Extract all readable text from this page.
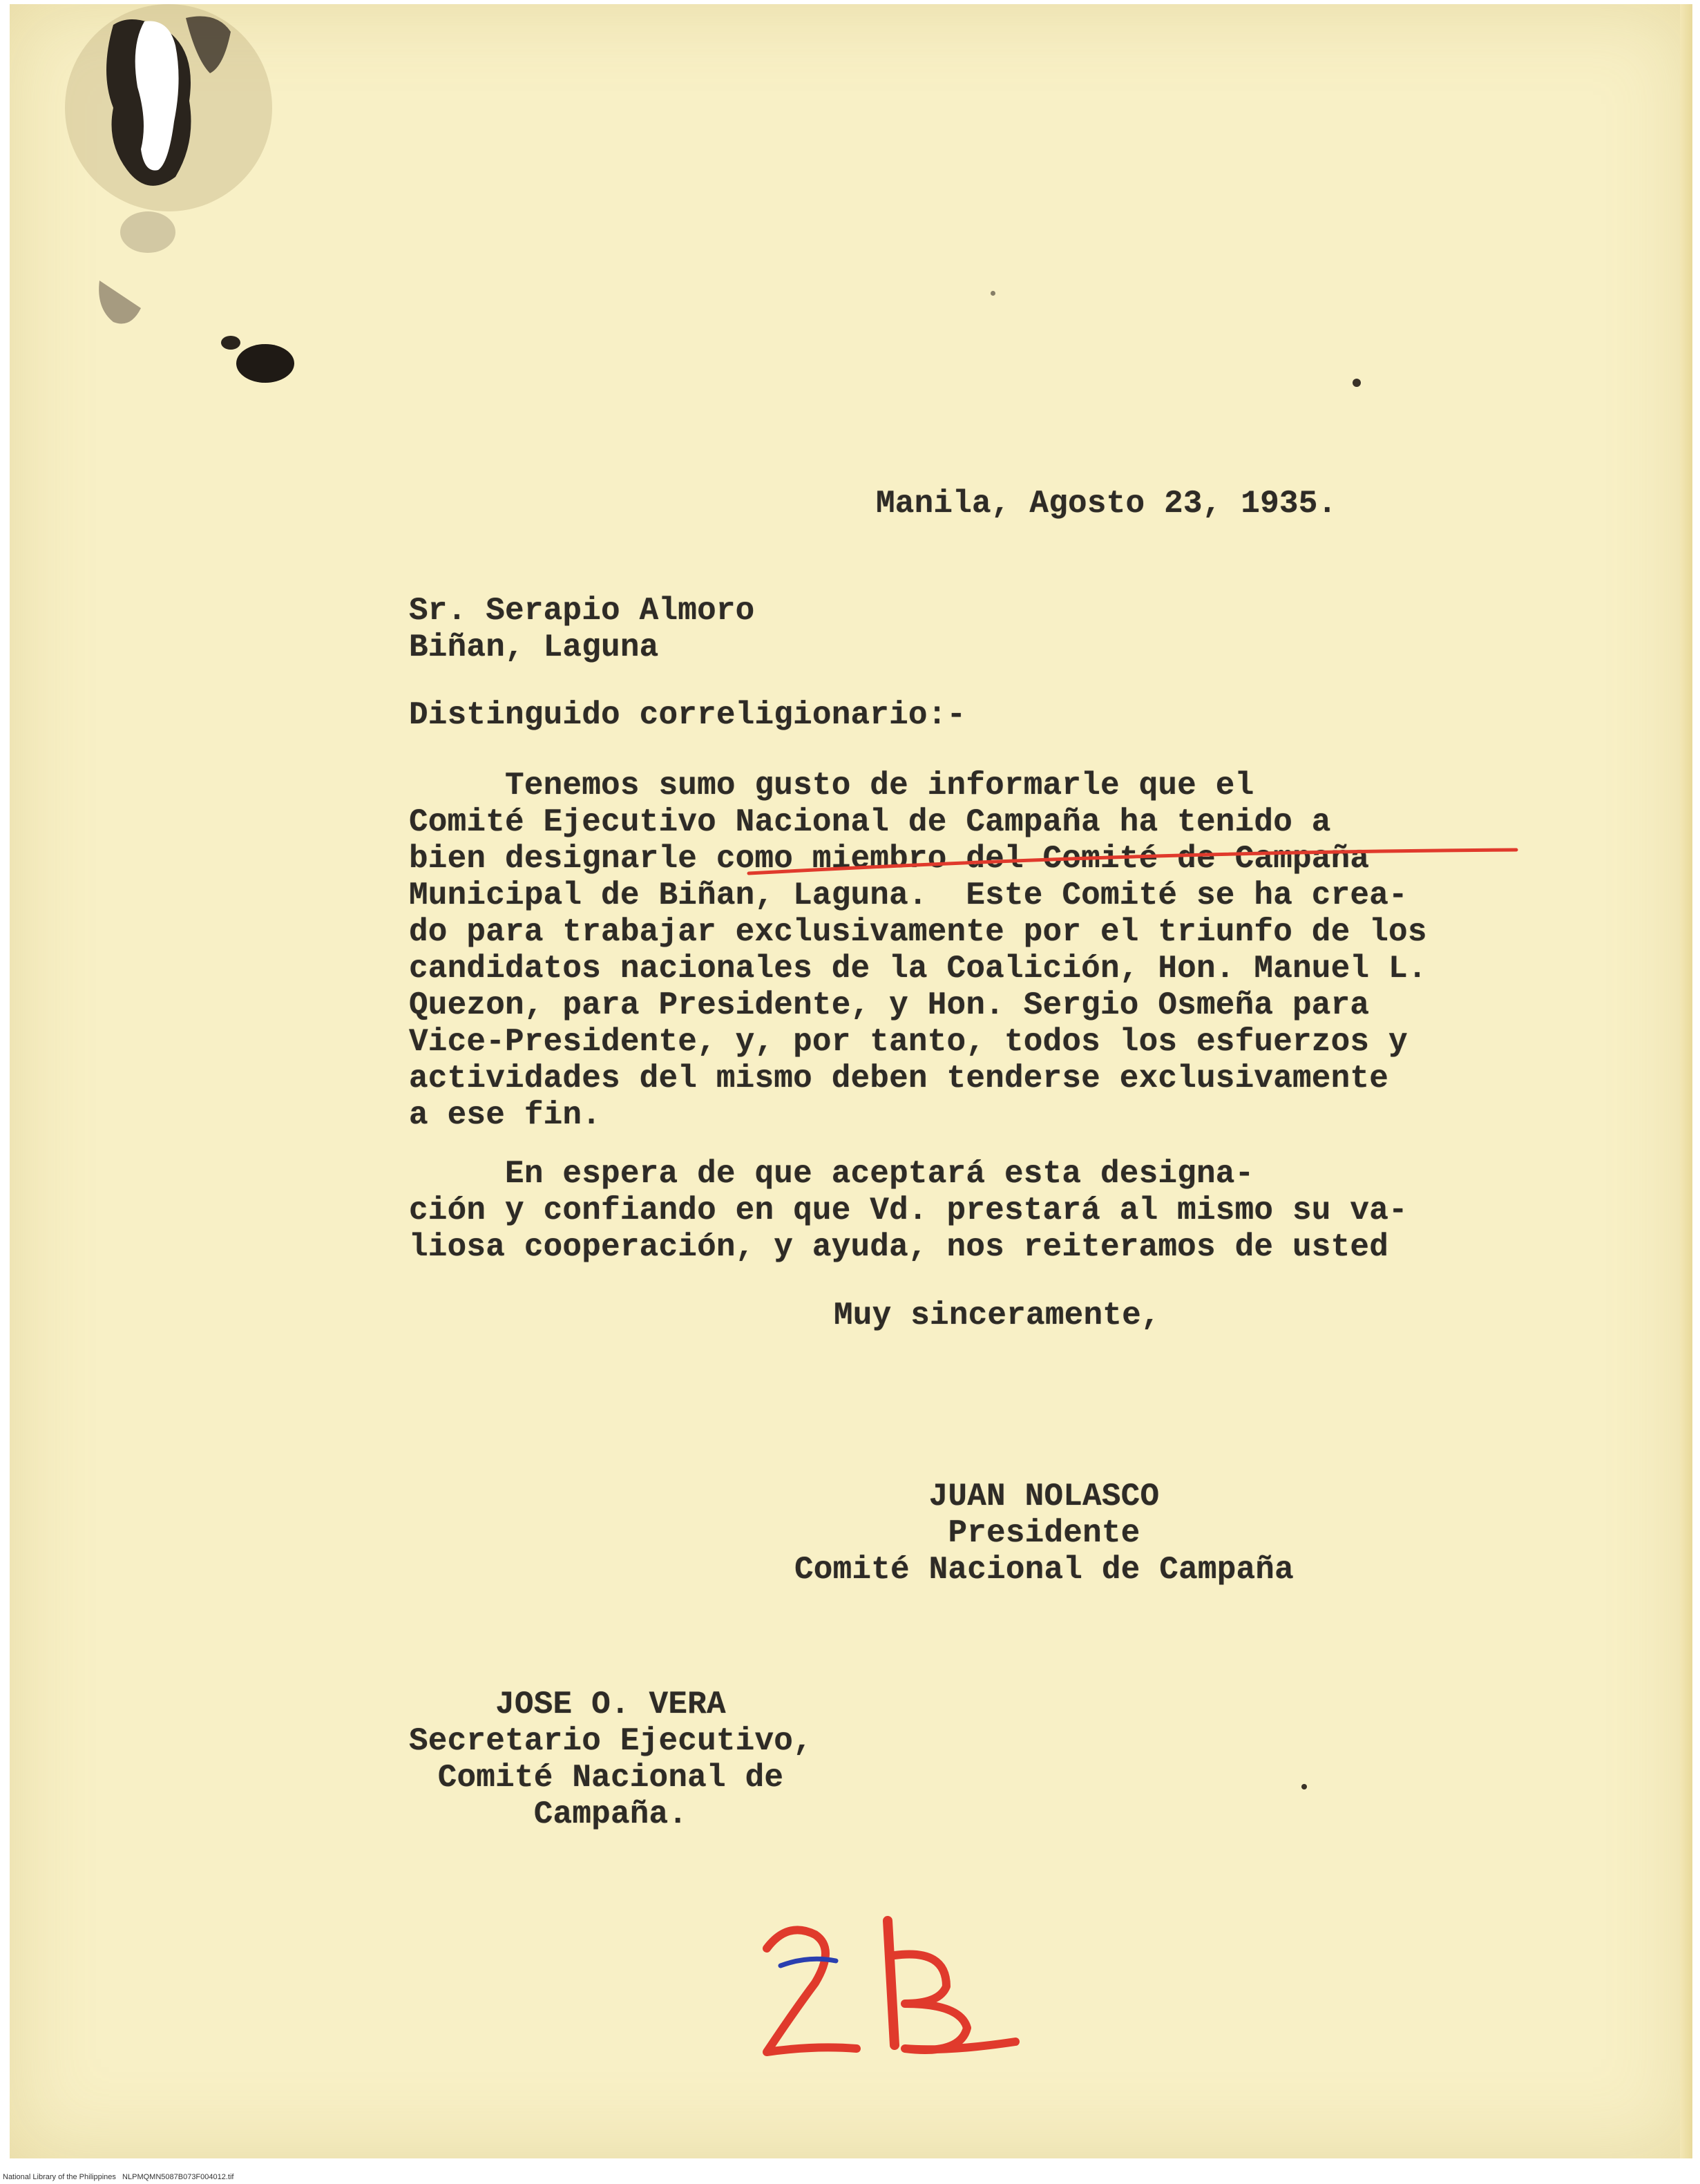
Manila, Agosto 23, 1935.
Sr. Serapio Almoro
Biñan, Laguna
Distinguido correligionario:-
Tenemos sumo gusto de informarle que el
Comité Ejecutivo Nacional de Campaña ha tenido a
bien designarle como miembro del Comité de Campaña
Municipal de Biñan, Laguna.  Este Comité se ha crea-
do para trabajar exclusivamente por el triunfo de los
candidatos nacionales de la Coalición, Hon. Manuel L.
Quezon, para Presidente, y Hon. Sergio Osmeña para
Vice-Presidente, y, por tanto, todos los esfuerzos y
actividades del mismo deben tenderse exclusivamente
a ese fin.
En espera de que aceptará esta designa-
ción y confiando en que Vd. prestará al mismo su va-
liosa cooperación, y ayuda, nos reiteramos de usted
Muy sinceramente,
JUAN NOLASCO
Presidente
Comité Nacional de Campaña
JOSE O. VERA
Secretario Ejecutivo,
Comité Nacional de
Campaña.
National Library of the Philippines NLPMQMN5087B073F004012.tif
